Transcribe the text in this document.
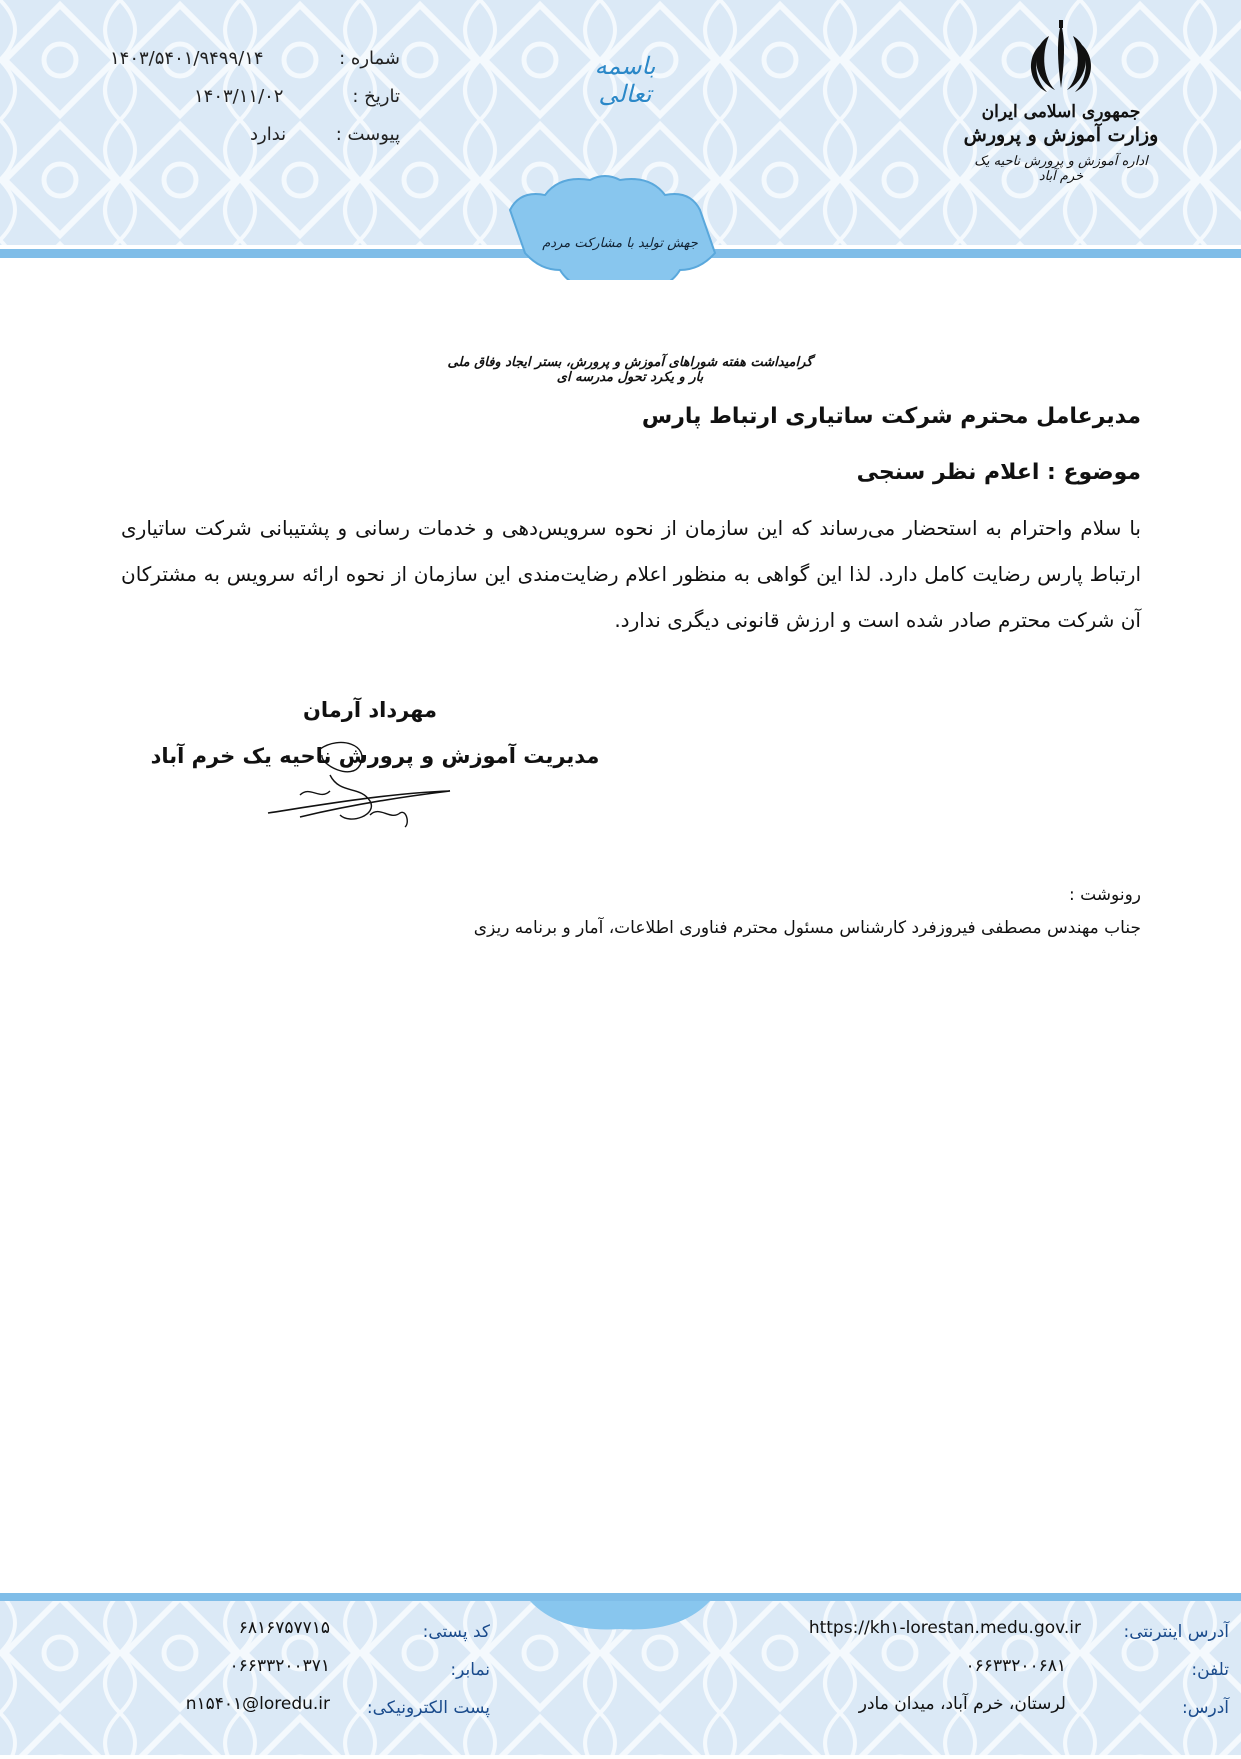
جمهوری اسلامی ایران
وزارت آموزش و پرورش
اداره آموزش و پرورش ناحیه یک خرم آباد
باسمه تعالی
جهش تولید با مشارکت مردم
۱۴۰۳/۵۴۰۱/۹۴۹۹/۱۴	شماره :
۱۴۰۳/۱۱/۰۲	تاریخ :
ندارد	پیوست :
گرامیداشت هفته شورا‌های آموزش و پرورش، بستر ایجاد وفاق ملی بار و یکرد تحول مدرسه ای
مدیرعامل محترم شرکت ساتیاری ارتباط پارس
موضوع : اعلام نظر سنجی
با سلام واحترام به استحضار می‌رساند که این سازمان از نحوه سرویس‌دهی و خدمات رسانی و پشتیبانی شرکت ساتیاری ارتباط پارس رضایت کامل دارد. لذا این گواهی به منظور اعلام رضایت‌مندی این سازمان از نحوه ارائه سرویس به مشترکان آن شرکت محترم صادر شده است و ارزش قانونی دیگری ندارد.
مهرداد آرمان
مدیریت آموزش و پرورش ناحیه یک خرم آباد
رونوشت :
جناب مهندس مصطفی فیروزفرد کارشناس مسئول محترم فناوری اطلاعات، آمار و برنامه ریزی
آدرس اینترنتی:
https://kh۱-lorestan.medu.gov.ir
تلفن:
۰۶۶۳۳۲۰۰۶۸۱
آدرس:
لرستان، خرم آباد، میدان مادر
کد پستی:
۶۸۱۶۷۵۷۷۱۵
نمابر:
۰۶۶۳۳۲۰۰۳۷۱
پست الکترونیکی:
n۱۵۴۰۱@loredu.ir
